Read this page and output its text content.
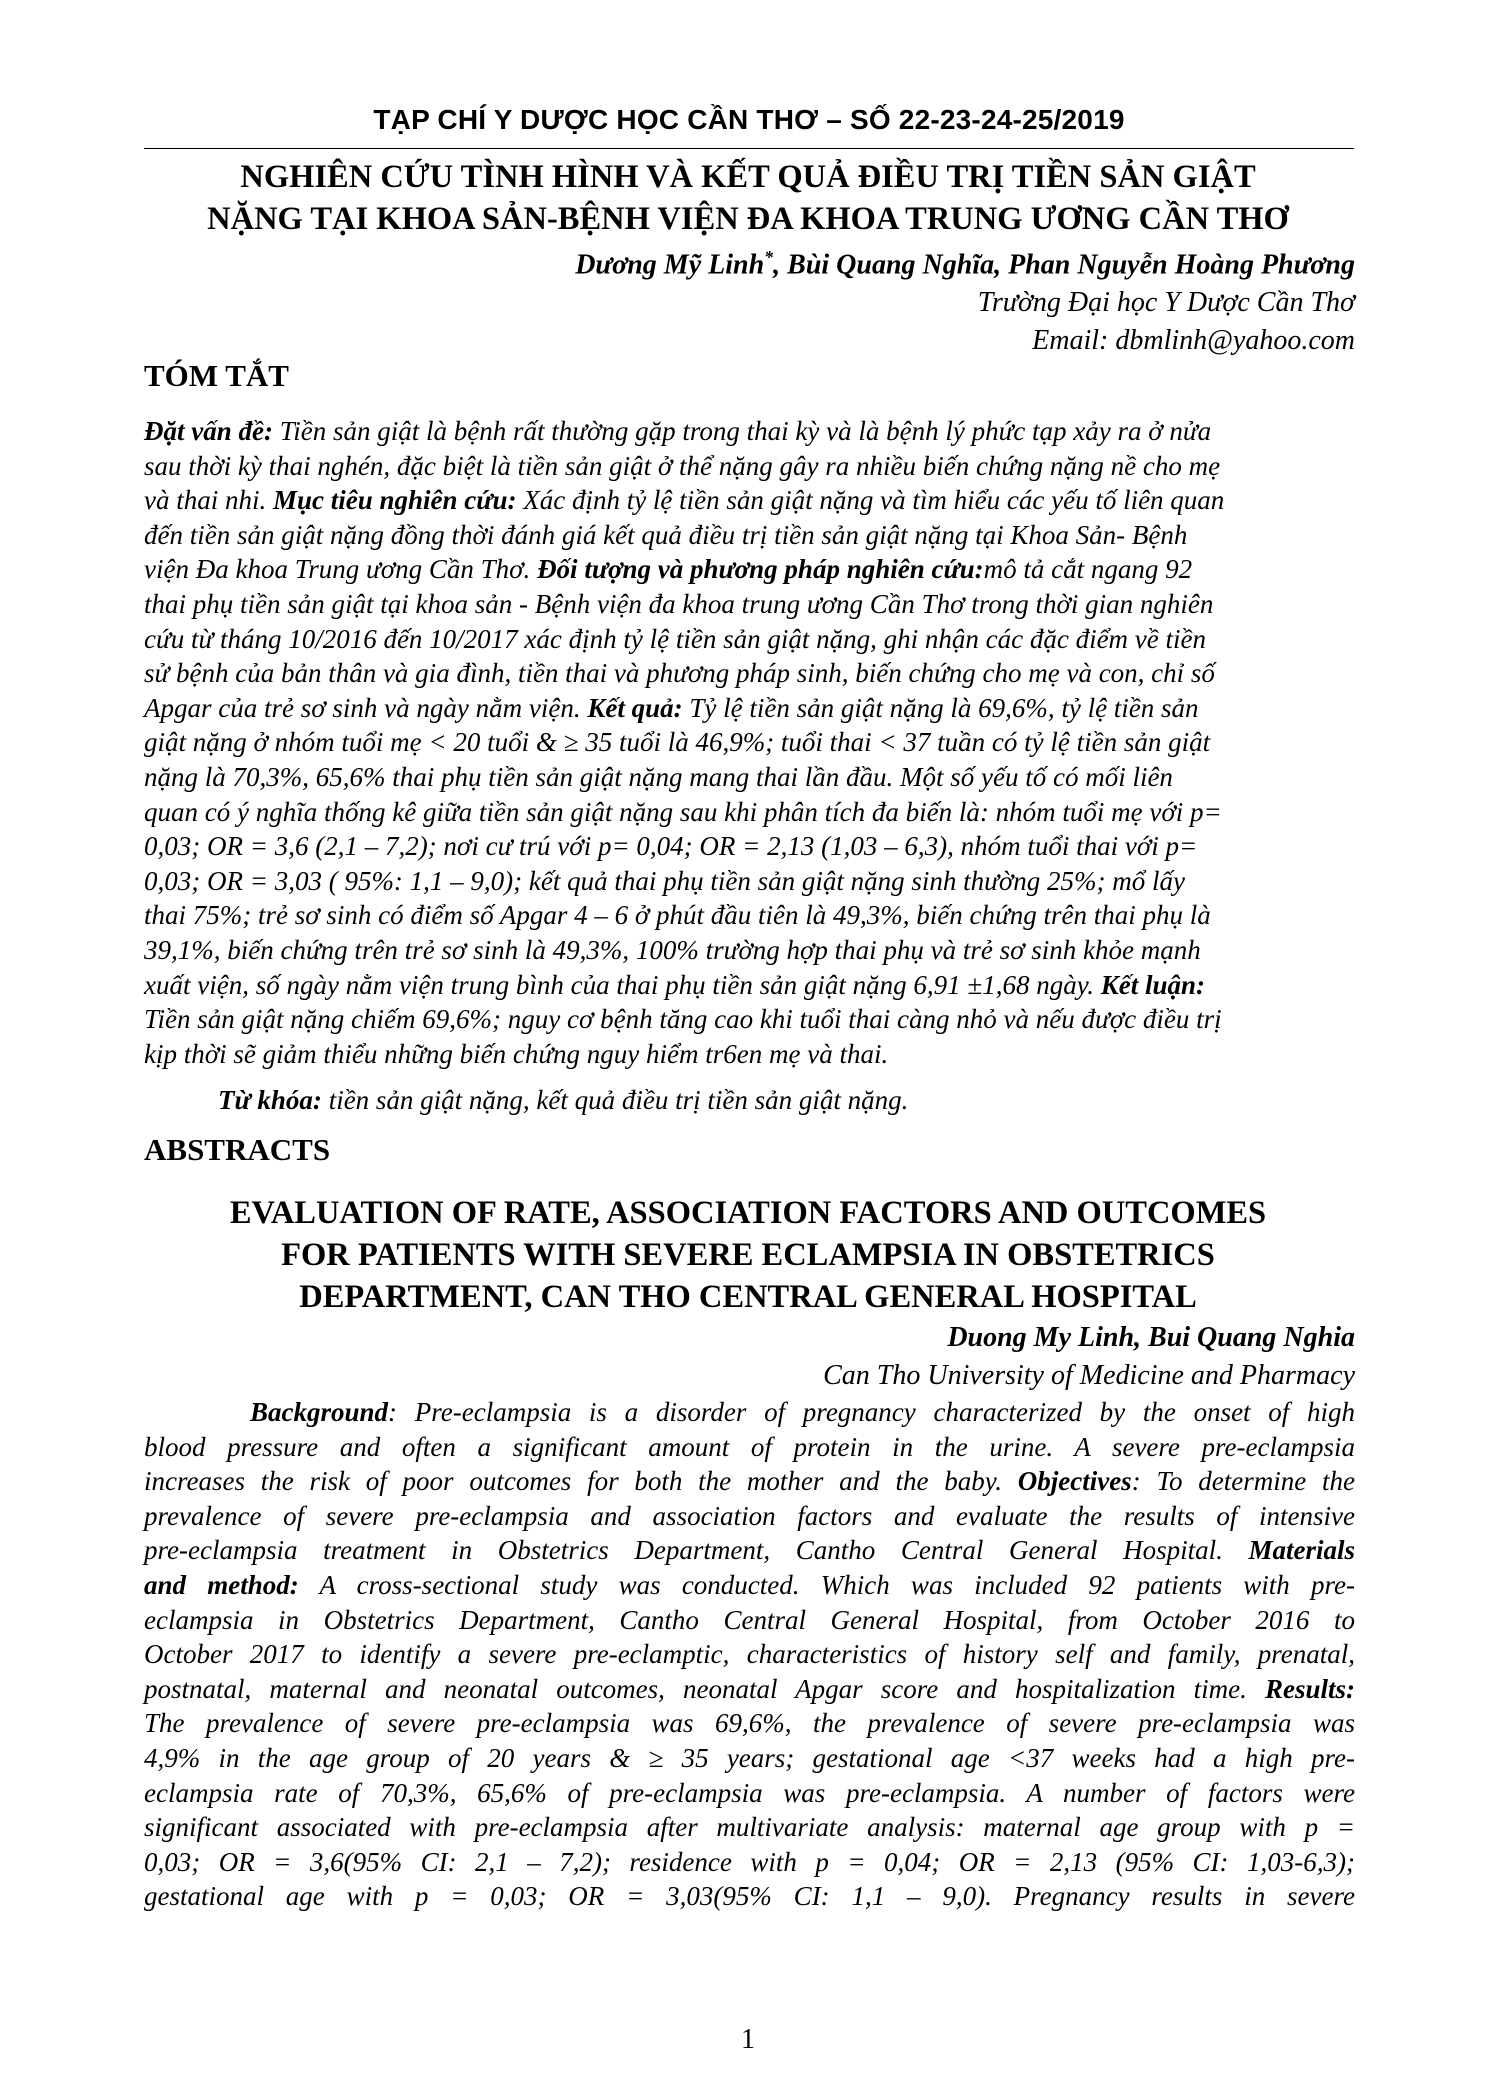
TẠP CHÍ Y DƯỢC HỌC CẦN THƠ – SỐ 22-23-24-25/2019
NGHIÊN CỨU TÌNH HÌNH VÀ KẾT QUẢ ĐIỀU TRỊ TIỀN SẢN GIẬT
NẶNG TẠI KHOA SẢN-BỆNH VIỆN ĐA KHOA TRUNG ƯƠNG CẦN THƠ
Dương Mỹ Linh*, Bùi Quang Nghĩa, Phan Nguyễn Hoàng Phương
Trường Đại học Y Dược Cần Thơ
Email: dbmlinh@yahoo.com
TÓM TẮT
Đặt vấn đề: Tiền sản giật là bệnh rất thường gặp trong thai kỳ và là bệnh lý phức tạp xảy ra ở nửa
sau thời kỳ thai nghén, đặc biệt là tiền sản giật ở thể nặng gây ra nhiều biến chứng nặng nề cho mẹ
và thai nhi. Mục tiêu nghiên cứu: Xác định tỷ lệ tiền sản giật nặng và tìm hiểu các yếu tố liên quan
đến tiền sản giật nặng đồng thời đánh giá kết quả điều trị tiền sản giật nặng tại Khoa Sản- Bệnh
viện Đa khoa Trung ương Cần Thơ. Đối tượng và phương pháp nghiên cứu:mô tả cắt ngang 92
thai phụ tiền sản giật tại khoa sản - Bệnh viện đa khoa trung ương Cần Thơ trong thời gian nghiên
cứu từ tháng 10/2016 đến 10/2017 xác định tỷ lệ tiền sản giật nặng, ghi nhận các đặc điểm về tiền
sử bệnh của bản thân và gia đình, tiền thai và phương pháp sinh, biến chứng cho mẹ và con, chỉ số
Apgar của trẻ sơ sinh và ngày nằm viện. Kết quả: Tỷ lệ tiền sản giật nặng là 69,6%, tỷ lệ tiền sản
giật nặng ở nhóm tuổi mẹ < 20 tuổi & ≥ 35 tuổi là 46,9%; tuổi thai < 37 tuần có tỷ lệ tiền sản giật
nặng là 70,3%, 65,6% thai phụ tiền sản giật nặng mang thai lần đầu. Một số yếu tố có mối liên
quan có ý nghĩa thống kê giữa tiền sản giật nặng sau khi phân tích đa biến là: nhóm tuổi mẹ với p=
0,03; OR = 3,6 (2,1 – 7,2); nơi cư trú với p= 0,04; OR = 2,13 (1,03 – 6,3), nhóm tuổi thai với p=
0,03; OR = 3,03 ( 95%: 1,1 – 9,0); kết quả thai phụ tiền sản giật nặng sinh thường 25%; mổ lấy
thai 75%; trẻ sơ sinh có điểm số Apgar 4 – 6 ở phút đầu tiên là 49,3%, biến chứng trên thai phụ là
39,1%, biến chứng trên trẻ sơ sinh là 49,3%, 100% trường hợp thai phụ và trẻ sơ sinh khỏe mạnh
xuất viện, số ngày nằm viện trung bình của thai phụ tiền sản giật nặng 6,91 ±1,68 ngày. Kết luận:
Tiền sản giật nặng chiếm 69,6%; nguy cơ bệnh tăng cao khi tuổi thai càng nhỏ và nếu được điều trị
kịp thời sẽ giảm thiểu những biến chứng nguy hiểm tr6en mẹ và thai.
Từ khóa: tiền sản giật nặng, kết quả điều trị tiền sản giật nặng.
ABSTRACTS
EVALUATION OF RATE, ASSOCIATION FACTORS AND OUTCOMES
FOR PATIENTS WITH SEVERE ECLAMPSIA IN OBSTETRICS
DEPARTMENT, CAN THO CENTRAL GENERAL HOSPITAL
Duong My Linh, Bui Quang Nghia
Can Tho University of Medicine and Pharmacy
Background: Pre-eclampsia is a disorder of pregnancy characterized by the onset of high
blood pressure and often a significant amount of protein in the urine. A severe pre-eclampsia
increases the risk of poor outcomes for both the mother and the baby. Objectives: To determine the
prevalence of severe pre-eclampsia and association factors and evaluate the results of intensive
pre-eclampsia treatment in Obstetrics Department, Cantho Central General Hospital. Materials
and method: A cross-sectional study was conducted. Which was included 92 patients with pre-
eclampsia in Obstetrics Department, Cantho Central General Hospital, from October 2016 to
October 2017 to identify a severe pre-eclamptic, characteristics of history self and family, prenatal,
postnatal, maternal and neonatal outcomes, neonatal Apgar score and hospitalization time. Results:
The prevalence of severe pre-eclampsia was 69,6%, the prevalence of severe pre-eclampsia was
4,9% in the age group of 20 years & ≥ 35 years; gestational age <37 weeks had a high pre-
eclampsia rate of 70,3%, 65,6% of pre-eclampsia was pre-eclampsia. A number of factors were
significant associated with pre-eclampsia after multivariate analysis: maternal age group with p =
0,03; OR = 3,6(95% CI: 2,1 – 7,2); residence with p = 0,04; OR = 2,13 (95% CI: 1,03-6,3);
gestational age with p = 0,03; OR = 3,03(95% CI: 1,1 – 9,0). Pregnancy results in severe
1
